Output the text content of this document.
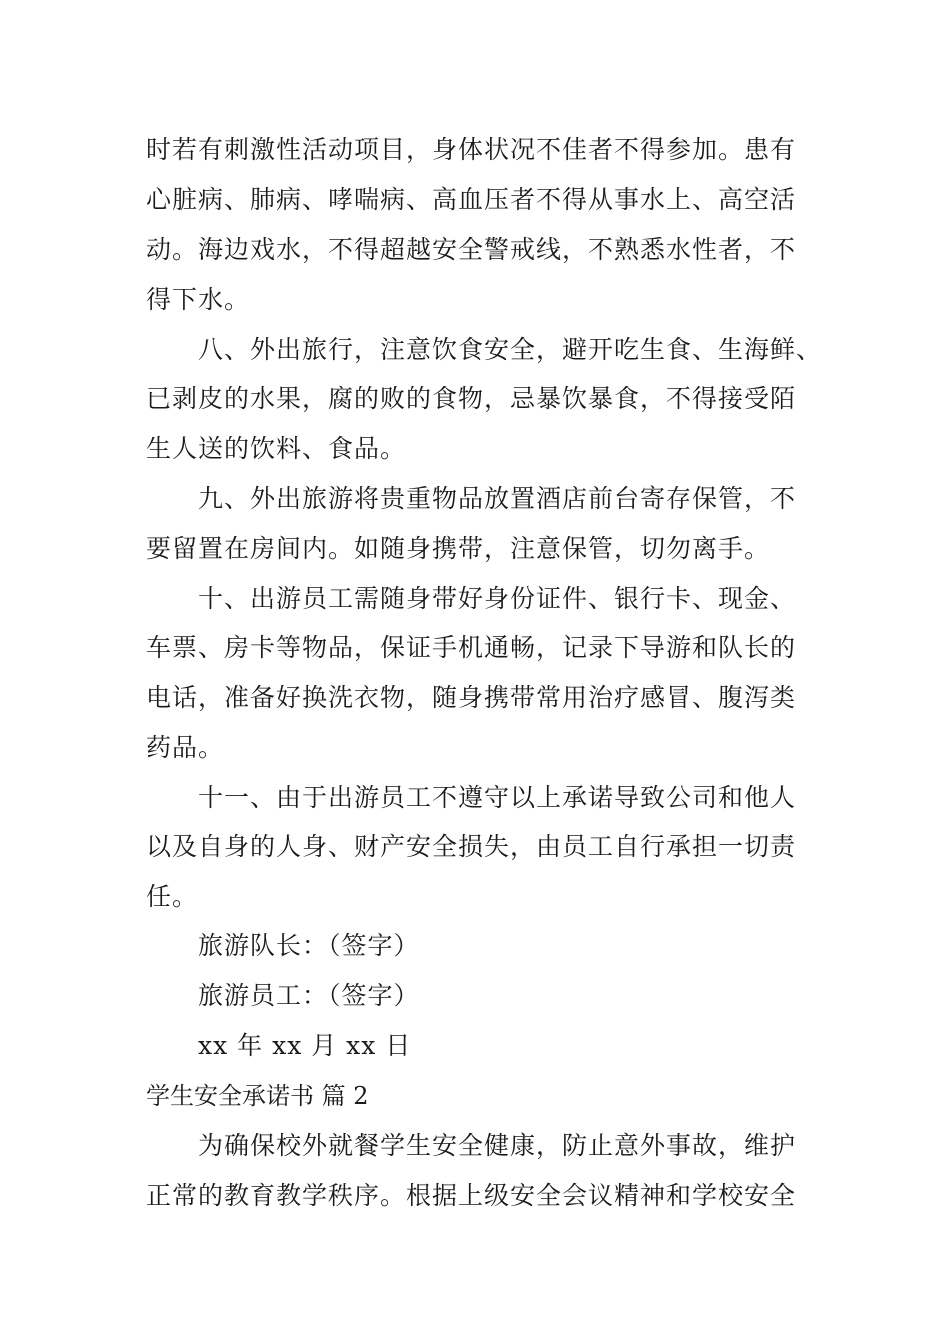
时若有刺激性活动项目，身体状况不佳者不得参加。患有
心脏病、肺病、哮喘病、高血压者不得从事水上、高空活
动。海边戏水，不得超越安全警戒线，不熟悉水性者，不
得下水。
八、外出旅行，注意饮食安全，避开吃生食、生海鲜、
已剥皮的水果，腐的败的食物，忌暴饮暴食，不得接受陌
生人送的饮料、食品。
九、外出旅游将贵重物品放置酒店前台寄存保管，不
要留置在房间内。如随身携带，注意保管，切勿离手。
十、出游员工需随身带好身份证件、银行卡、现金、
车票、房卡等物品，保证手机通畅，记录下导游和队长的
电话，准备好换洗衣物，随身携带常用治疗感冒、腹泻类
药品。
十一、由于出游员工不遵守以上承诺导致公司和他人
以及自身的人身、财产安全损失，由员工自行承担一切责
任。
旅游队长：（签字）
旅游员工：（签字）
xx 年 xx 月 xx 日
学生安全承诺书 篇 2
为确保校外就餐学生安全健康，防止意外事故，维护
正常的教育教学秩序。根据上级安全会议精神和学校安全
